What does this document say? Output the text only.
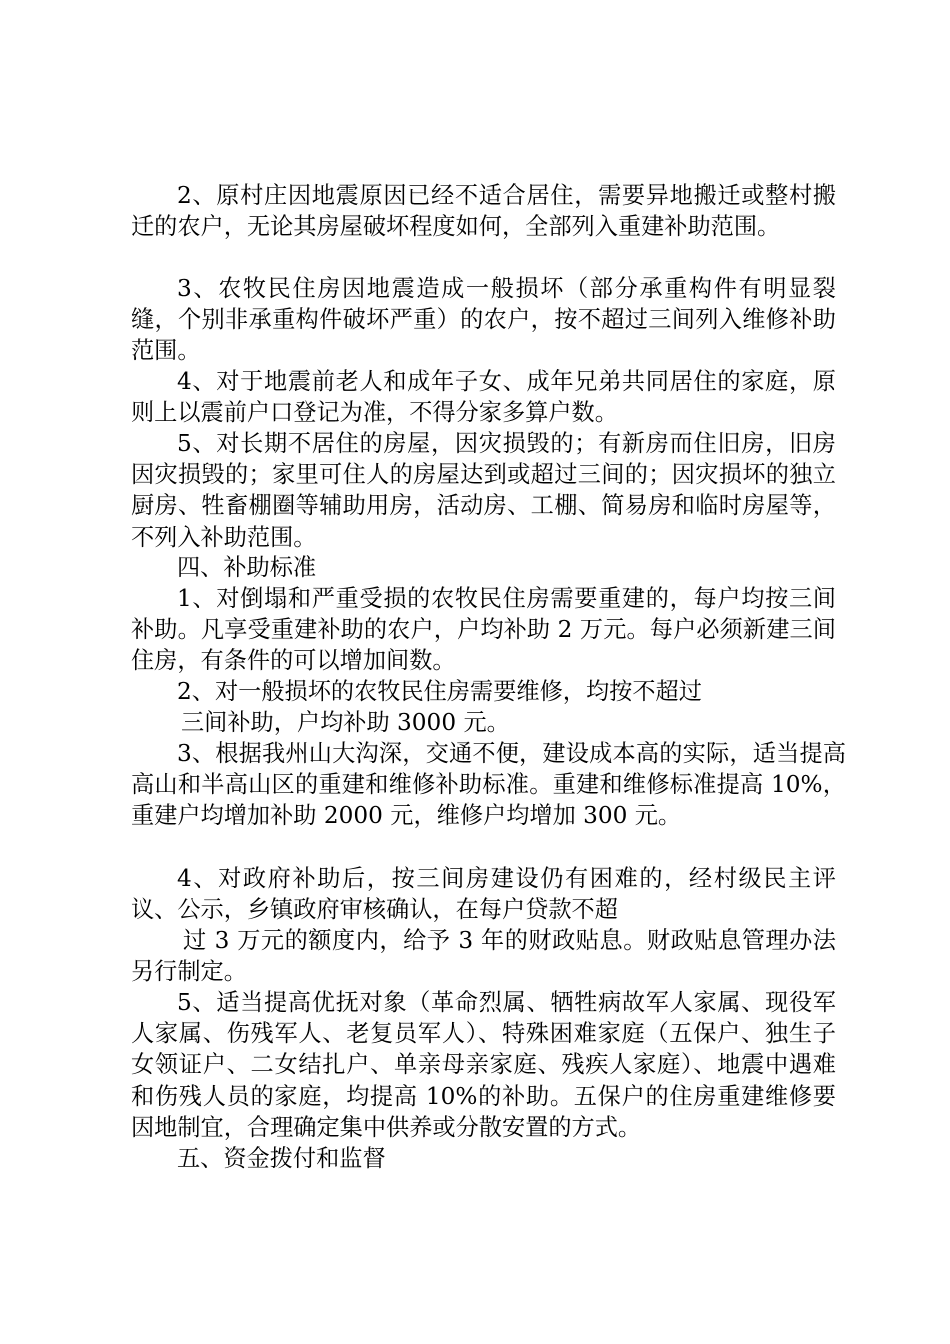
2、原村庄因地震原因已经不适合居住，需要异地搬迁或整村搬迁的农户，无论其房屋破坏程度如何，全部列入重建补助范围。

3、农牧民住房因地震造成一般损坏（部分承重构件有明显裂缝，个别非承重构件破坏严重）的农户，按不超过三间列入维修补助范围。

4、对于地震前老人和成年子女、成年兄弟共同居住的家庭，原则上以震前户口登记为准，不得分家多算户数。

5、对长期不居住的房屋，因灾损毁的；有新房而住旧房，旧房因灾损毁的；家里可住人的房屋达到或超过三间的；因灾损坏的独立厨房、牲畜棚圈等辅助用房，活动房、工棚、简易房和临时房屋等，不列入补助范围。

四、补助标准

1、对倒塌和严重受损的农牧民住房需要重建的，每户均按三间补助。凡享受重建补助的农户，户均补助 2 万元。每户必须新建三间住房，有条件的可以增加间数。

2、对一般损坏的农牧民住房需要维修，均按不超过

三间补助，户均补助 3000 元。

3、根据我州山大沟深，交通不便，建设成本高的实际，适当提高高山和半高山区的重建和维修补助标准。重建和维修标准提高 10%，重建户均增加补助 2000 元，维修户均增加 300 元。

4、对政府补助后，按三间房建设仍有困难的，经村级民主评议、公示，乡镇政府审核确认，在每户贷款不超

过 3 万元的额度内，给予 3 年的财政贴息。财政贴息管理办法另行制定。

5、适当提高优抚对象（革命烈属、牺牲病故军人家属、现役军人家属、伤残军人、老复员军人）、特殊困难家庭（五保户、独生子女领证户、二女结扎户、单亲母亲家庭、残疾人家庭）、地震中遇难和伤残人员的家庭，均提高 10%的补助。五保户的住房重建维修要因地制宜，合理确定集中供养或分散安置的方式。

五、资金拨付和监督
